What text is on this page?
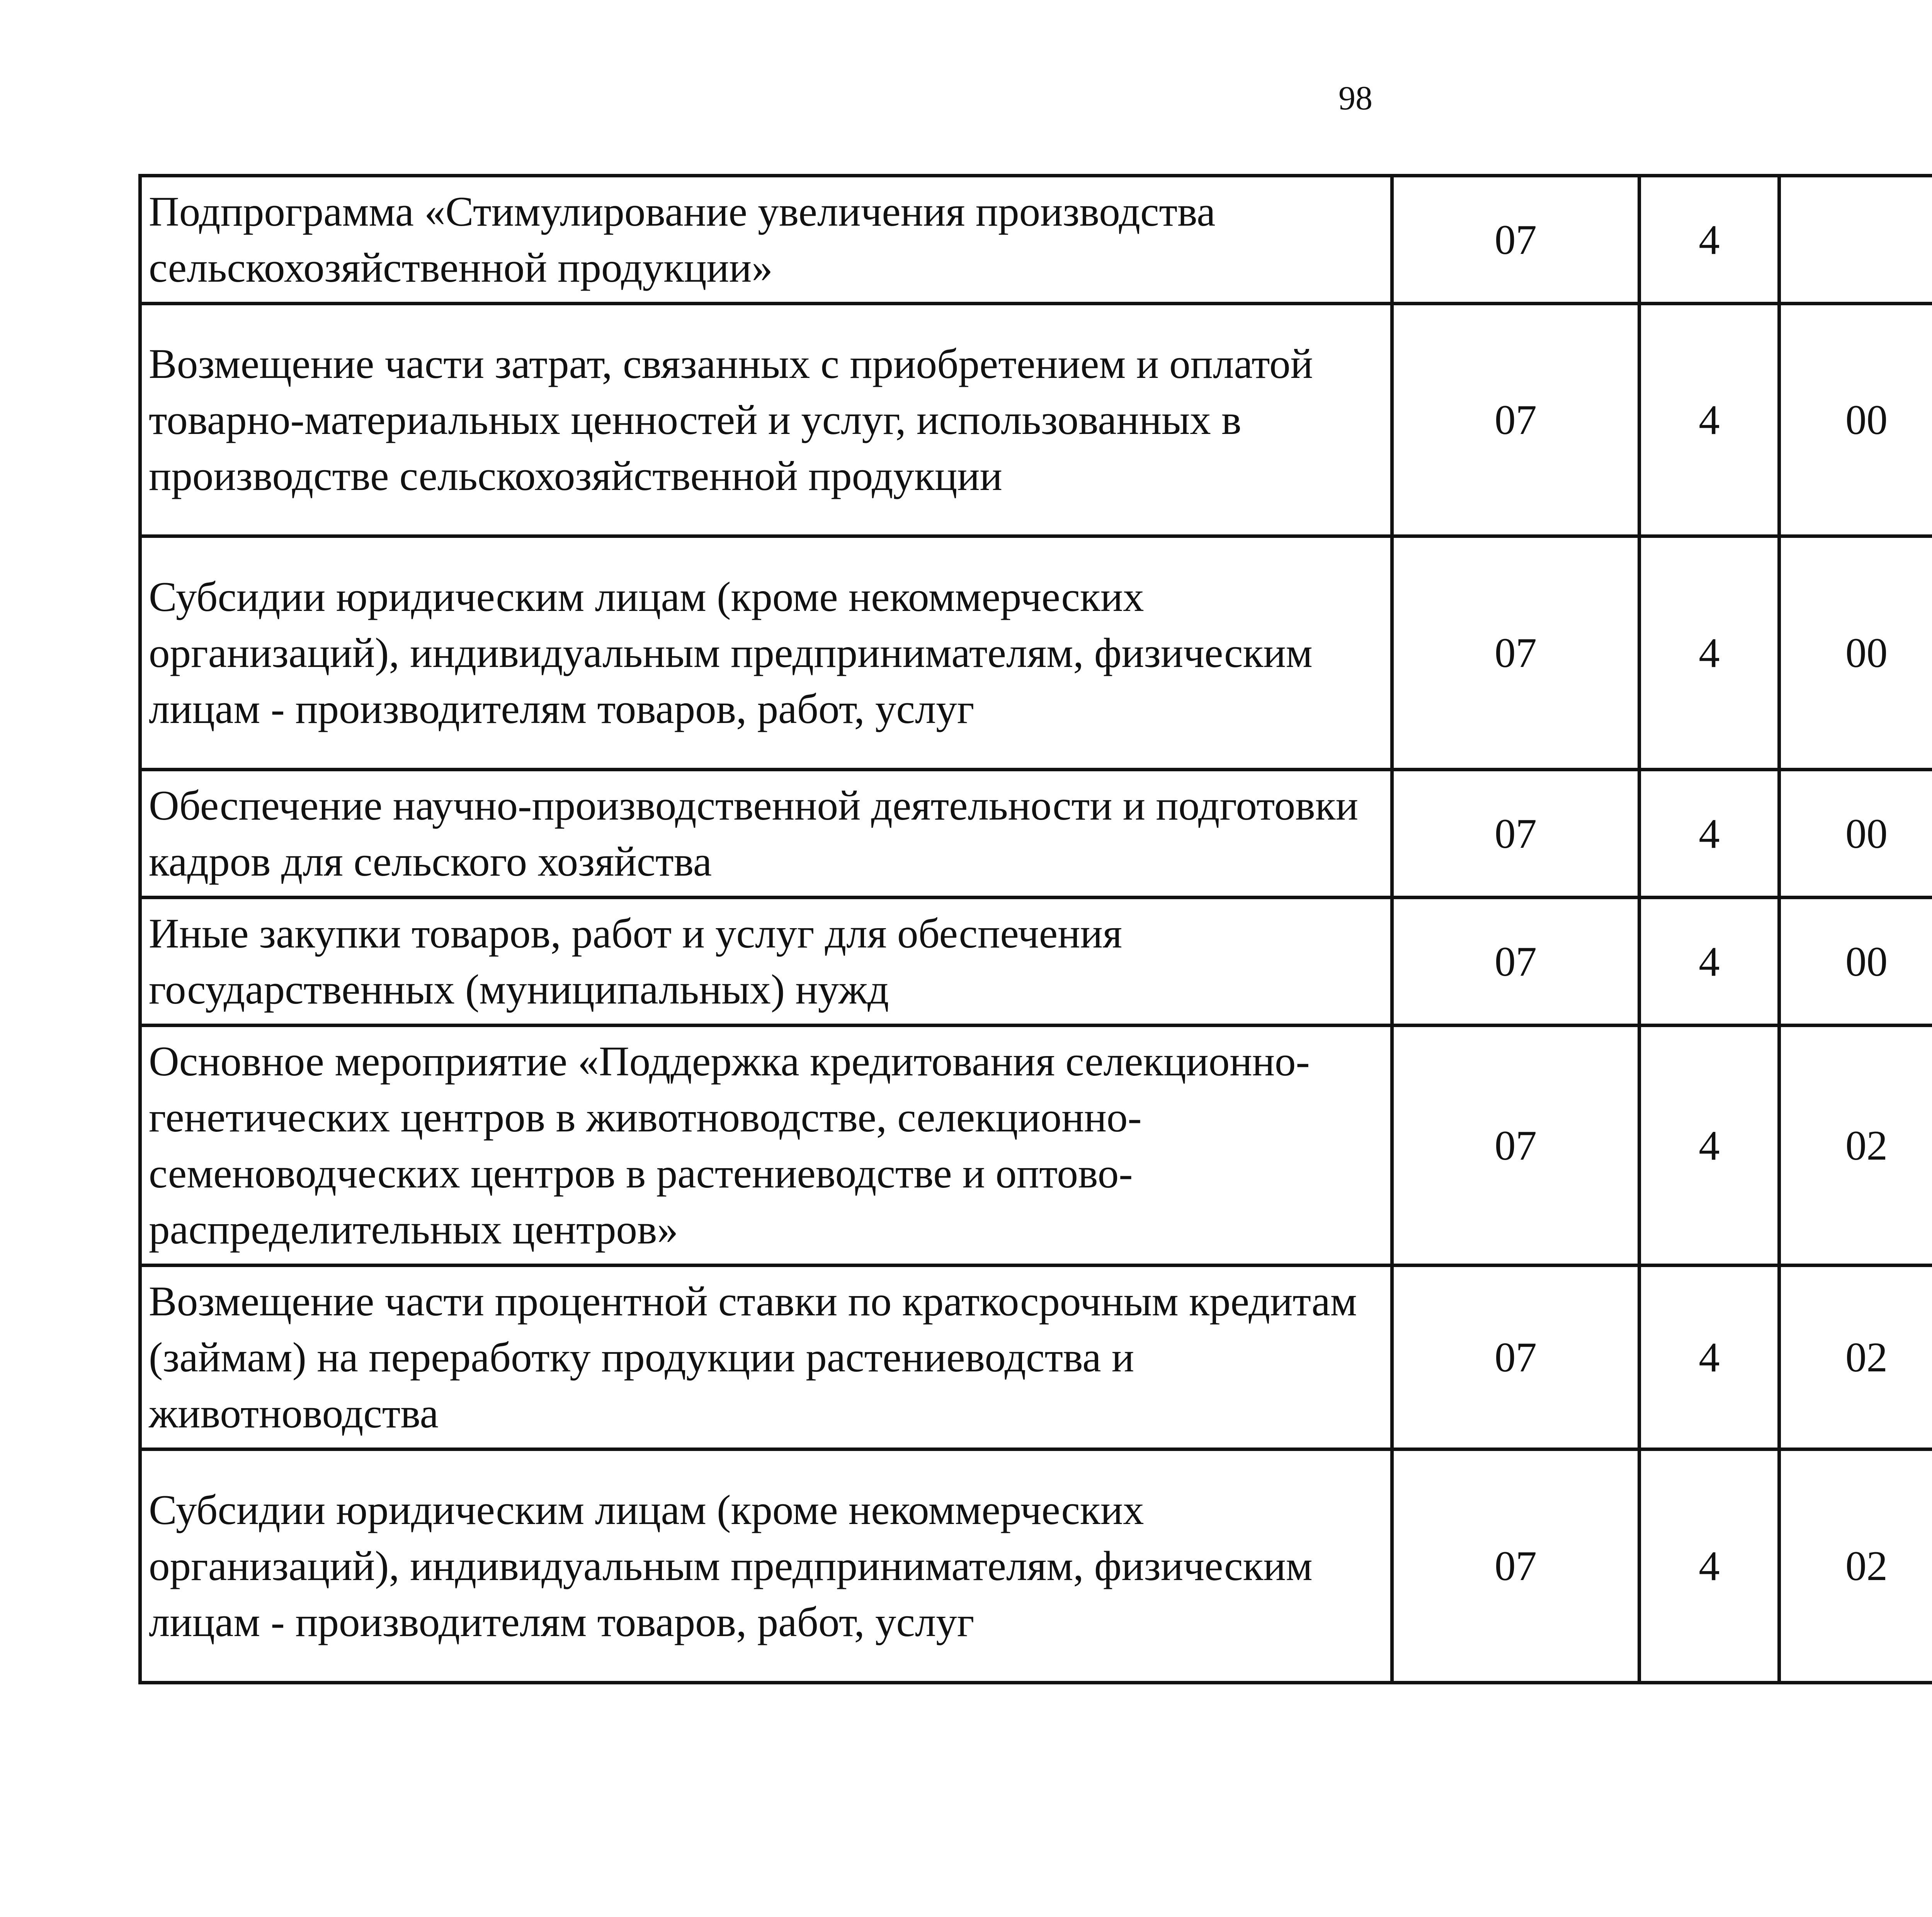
98
Подпрограмма «Стимулирование увеличения производства сельскохозяйственной продукции»	07	4				
Возмещение части затрат, связанных с приобретением и оплатой товарно-материальных ценностей и услуг, использованных в производстве сельскохозяйственной продукции	07	4	00			
Субсидии юридическим лицам (кроме некоммерческих организаций), индивидуальным предпринимателям, физическим лицам - производителям товаров, работ, услуг	07	4	00			
Обеспечение научно-производственной деятельности и подготовки кадров для сельского хозяйства	07	4	00			
Иные закупки товаров, работ и услуг для обеспечения государственных (муниципальных) нужд	07	4	00			
Основное мероприятие «Поддержка кредитования селекционно-генетических центров в животноводстве, селекционно-семеноводческих центров в растениеводстве и оптово-распределительных центров»	07	4	02			
Возмещение части процентной ставки по краткосрочным кредитам (займам) на переработку продукции растениеводства и животноводства	07	4	02			
Субсидии юридическим лицам (кроме некоммерческих организаций), индивидуальным предпринимателям, физическим лицам - производителям товаров, работ, услуг	07	4	02			
